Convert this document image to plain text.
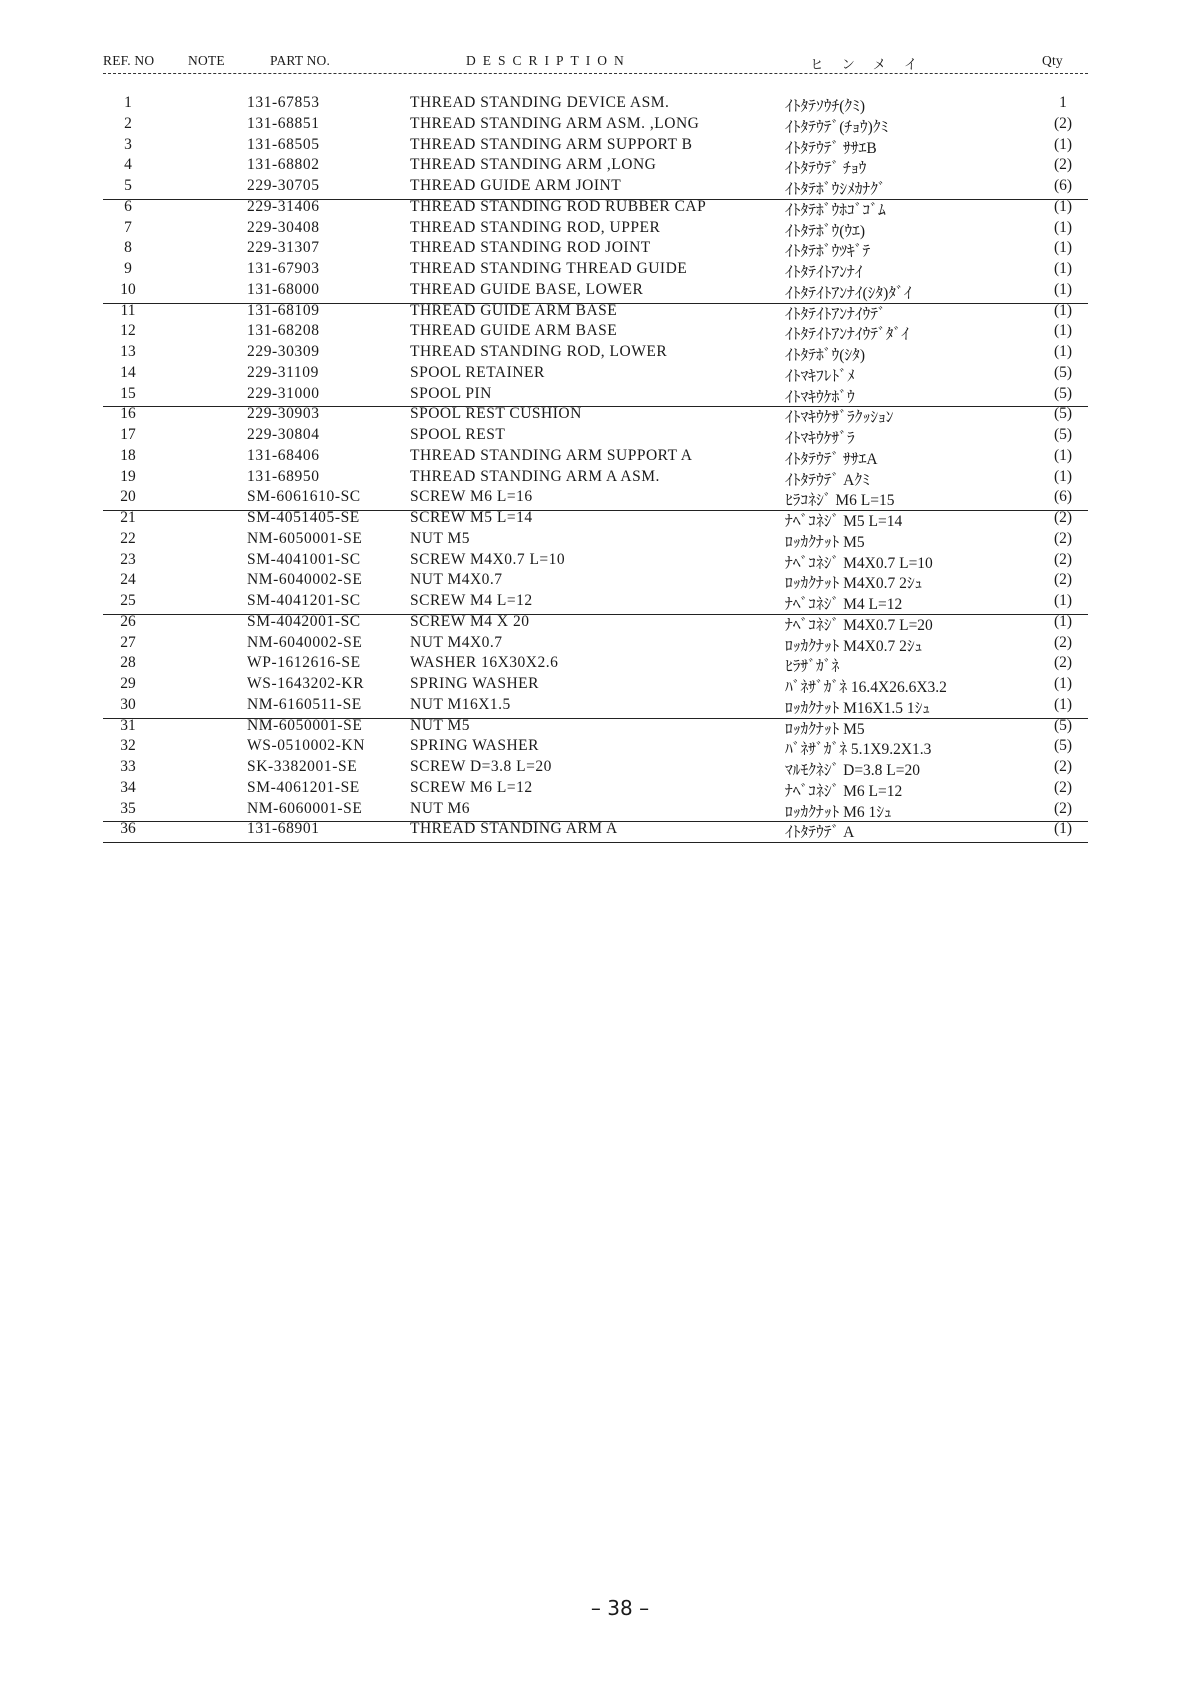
REF. NO NOTE	PART NO.	DESCRIPTION	ヒンメイ	Qty
1	131-67853	THREAD STANDING DEVICE ASM.	ｲﾄﾀﾃｿｳﾁ(ｸﾐ)	1
2	131-68851	THREAD STANDING ARM ASM. ,LONG	ｲﾄﾀﾃｳﾃﾞ(ﾁｮｳ)ｸﾐ	(2)
3	131-68505	THREAD STANDING ARM SUPPORT B	ｲﾄﾀﾃｳﾃﾞ ｻｻｴB	(1)
4	131-68802	THREAD STANDING ARM ,LONG	ｲﾄﾀﾃｳﾃﾞ ﾁｮｳ	(2)
5	229-30705	THREAD GUIDE ARM JOINT	ｲﾄﾀﾃﾎﾞｳｼﾒｶﾅｸﾞ	(6)
6	229-31406	THREAD STANDING ROD RUBBER CAP	ｲﾄﾀﾃﾎﾞｳﾎｺﾞｺﾞﾑ	(1)
7	229-30408	THREAD STANDING ROD, UPPER	ｲﾄﾀﾃﾎﾞｳ(ｳｴ)	(1)
8	229-31307	THREAD STANDING ROD JOINT	ｲﾄﾀﾃﾎﾞｳﾂｷﾞﾃ	(1)
9	131-67903	THREAD STANDING THREAD GUIDE	ｲﾄﾀﾃｲﾄｱﾝﾅｲ	(1)
10	131-68000	THREAD GUIDE BASE, LOWER	ｲﾄﾀﾃｲﾄｱﾝﾅｲ(ｼﾀ)ﾀﾞｲ	(1)
11	131-68109	THREAD GUIDE ARM BASE	ｲﾄﾀﾃｲﾄｱﾝﾅｲｳﾃﾞ	(1)
12	131-68208	THREAD GUIDE ARM BASE	ｲﾄﾀﾃｲﾄｱﾝﾅｲｳﾃﾞﾀﾞｲ	(1)
13	229-30309	THREAD STANDING ROD, LOWER	ｲﾄﾀﾃﾎﾞｳ(ｼﾀ)	(1)
14	229-31109	SPOOL RETAINER	ｲﾄﾏｷﾌﾚﾄﾞﾒ	(5)
15	229-31000	SPOOL PIN	ｲﾄﾏｷｳｹﾎﾞｳ	(5)
16	229-30903	SPOOL REST CUSHION	ｲﾄﾏｷｳｹｻﾞﾗｸｯｼｮﾝ	(5)
17	229-30804	SPOOL REST	ｲﾄﾏｷｳｹｻﾞﾗ	(5)
18	131-68406	THREAD STANDING ARM SUPPORT A	ｲﾄﾀﾃｳﾃﾞ ｻｻｴA	(1)
19	131-68950	THREAD STANDING ARM A ASM.	ｲﾄﾀﾃｳﾃﾞ Aｸﾐ	(1)
20	SM-6061610-SC	SCREW M6 L=16	ﾋﾗｺﾈｼﾞ M6 L=15	(6)
21	SM-4051405-SE	SCREW M5 L=14	ﾅﾍﾞｺﾈｼﾞ M5 L=14	(2)
22	NM-6050001-SE	NUT M5	ﾛｯｶｸﾅｯﾄ M5	(2)
23	SM-4041001-SC	SCREW M4X0.7 L=10	ﾅﾍﾞｺﾈｼﾞ M4X0.7 L=10	(2)
24	NM-6040002-SE	NUT M4X0.7	ﾛｯｶｸﾅｯﾄ M4X0.7 2ｼｭ	(2)
25	SM-4041201-SC	SCREW M4 L=12	ﾅﾍﾞｺﾈｼﾞ M4 L=12	(1)
26	SM-4042001-SC	SCREW M4 X 20	ﾅﾍﾞｺﾈｼﾞ M4X0.7 L=20	(1)
27	NM-6040002-SE	NUT M4X0.7	ﾛｯｶｸﾅｯﾄ M4X0.7 2ｼｭ	(2)
28	WP-1612616-SE	WASHER 16X30X2.6	ﾋﾗｻﾞｶﾞﾈ	(2)
29	WS-1643202-KR	SPRING WASHER	ﾊﾞﾈｻﾞｶﾞﾈ 16.4X26.6X3.2	(1)
30	NM-6160511-SE	NUT M16X1.5	ﾛｯｶｸﾅｯﾄ M16X1.5 1ｼｭ	(1)
31	NM-6050001-SE	NUT M5	ﾛｯｶｸﾅｯﾄ M5	(5)
32	WS-0510002-KN	SPRING WASHER	ﾊﾞﾈｻﾞｶﾞﾈ 5.1X9.2X1.3	(5)
33	SK-3382001-SE	SCREW D=3.8 L=20	ﾏﾙﾓｸﾈｼﾞ D=3.8 L=20	(2)
34	SM-4061201-SE	SCREW M6 L=12	ﾅﾍﾞｺﾈｼﾞ M6 L=12	(2)
35	NM-6060001-SE	NUT M6	ﾛｯｶｸﾅｯﾄ M6 1ｼｭ	(2)
36	131-68901	THREAD STANDING ARM A	ｲﾄﾀﾃｳﾃﾞ A	(1)
– 38 –
